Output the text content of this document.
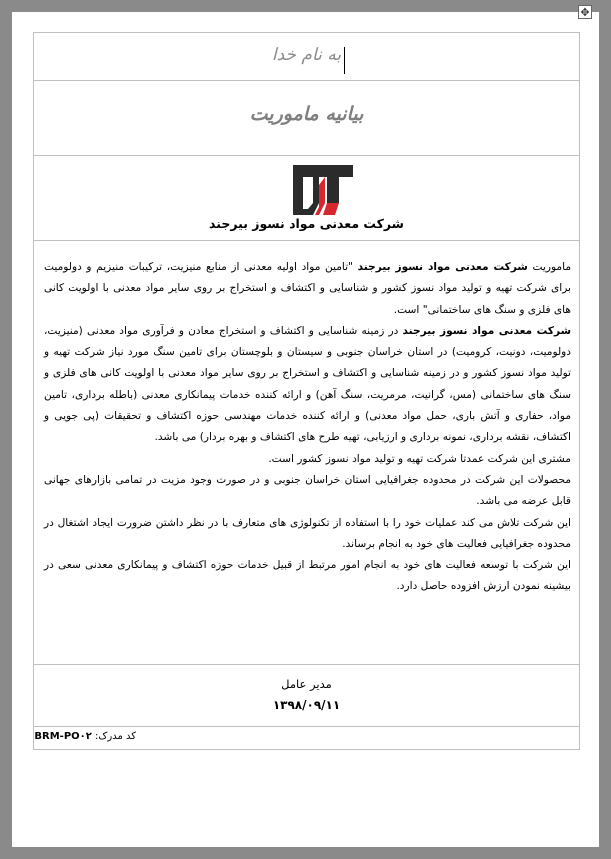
به نام خدا
بیانیه ماموریت
شرکت معدنی مواد نسوز بیرجند

ماموریت شرکت معدنی مواد نسوز بیرجند "تامین مواد اولیه معدنی از منابع منیزیت، ترکیبات منیزیم و دولومیت برای شرکت تهیه و تولید مواد نسوز کشور و شناسایی و اکتشاف و استخراج بر روی سایر مواد معدنی با اولویت کانی های فلزی و سنگ های ساختمانی" است.

شرکت معدنی مواد نسوز بیرجند در زمینه شناسایی و اکتشاف و استخراج معادن و فرآوری مواد معدنی (منیزیت، دولومیت، دونیت، کرومیت) در استان خراسان جنوبی و سیستان و بلوچستان برای تامین سنگ مورد نیاز شرکت تهیه و تولید مواد نسوز کشور و در زمینه شناسایی و اکتشاف و استخراج بر روی سایر مواد معدنی با اولویت کانی های فلزی و سنگ های ساختمانی (مس، گرانیت، مرمریت، سنگ آهن) و ارائه کننده خدمات پیمانکاری معدنی (باطله برداری، تامین مواد، حفاری و آتش باری، حمل مواد معدنی) و ارائه کننده خدمات مهندسی حوزه اکتشاف و تحقیقات (پی جویی و اکتشاف، نقشه برداری، نمونه برداری و ارزیابی، تهیه طرح های اکتشاف و بهره بردار) می باشد.

مشتری این شرکت عمدتا شرکت تهیه و تولید مواد نسوز کشور است.

محصولات این شرکت در محدوده جغرافیایی استان خراسان جنوبی و در صورت وجود مزیت در تمامی بازارهای جهانی قابل عرضه می باشد.

این شرکت تلاش می کند عملیات خود را با استفاده از تکنولوژی های متعارف با در نظر داشتن ضرورت ایجاد اشتغال در محدوده جغرافیایی فعالیت های خود به انجام برساند.

این شرکت با توسعه فعالیت های خود به انجام امور مرتبط از قبیل خدمات حوزه اکتشاف و پیمانکاری معدنی سعی در بیشینه نمودن ارزش افزوده حاصل دارد.

مدیر عامل
۱۳۹۸/۰۹/۱۱
کد مدرک: BRM-PO۰۲
✥
